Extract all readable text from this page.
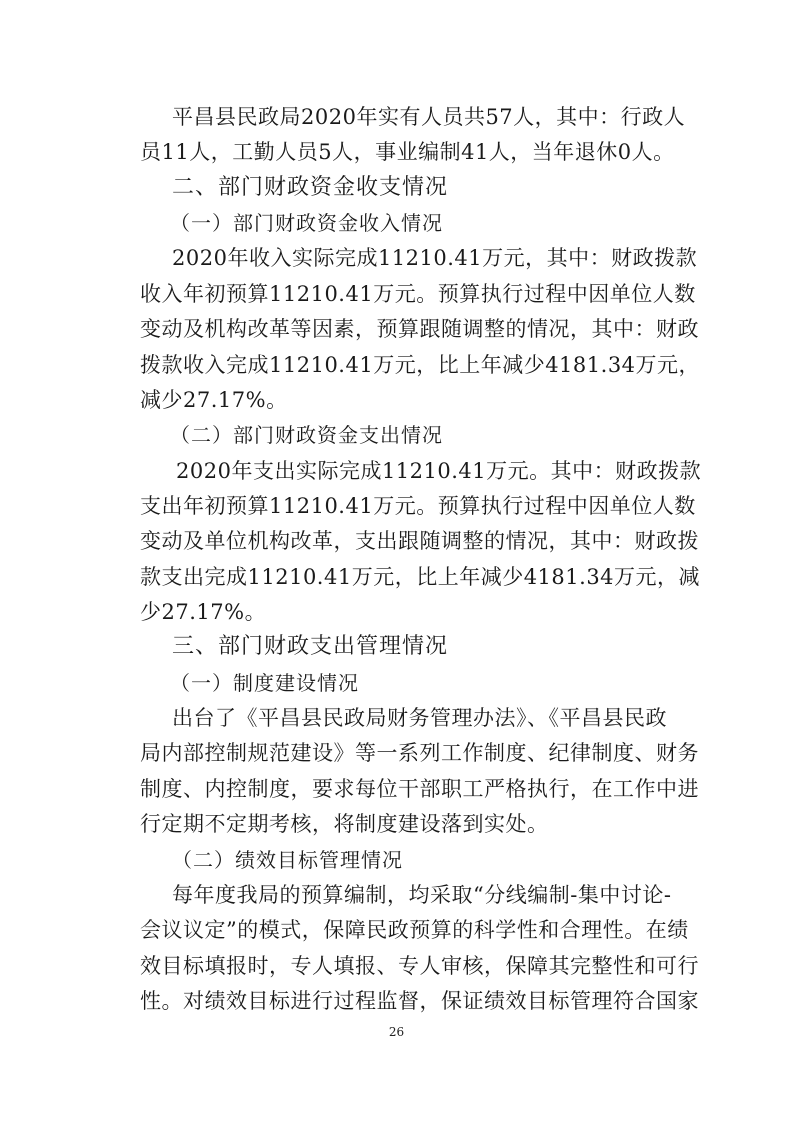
平昌县民政局2020年实有人员共57人，其中：行政人
员11人，工勤人员5人，事业编制41人，当年退休0人。
二、部门财政资金收支情况
（一）部门财政资金收入情况
2020年收入实际完成11210.41万元，其中：财政拨款
收入年初预算11210.41万元。预算执行过程中因单位人数
变动及机构改革等因素，预算跟随调整的情况，其中：财政
拨款收入完成11210.41万元，比上年减少4181.34万元，
减少27.17%。
（二）部门财政资金支出情况
2020年支出实际完成11210.41万元。其中：财政拨款
支出年初预算11210.41万元。预算执行过程中因单位人数
变动及单位机构改革，支出跟随调整的情况，其中：财政拨
款支出完成11210.41万元，比上年减少4181.34万元，减
少27.17%。
三、部门财政支出管理情况
（一）制度建设情况
出台了《平昌县民政局财务管理办法》、《平昌县民政
局内部控制规范建设》等一系列工作制度、纪律制度、财务
制度、内控制度，要求每位干部职工严格执行，在工作中进
行定期不定期考核，将制度建设落到实处。
（二）绩效目标管理情况
每年度我局的预算编制，均采取“分线编制-集中讨论-
会议议定”的模式，保障民政预算的科学性和合理性。在绩
效目标填报时，专人填报、专人审核，保障其完整性和可行
性。对绩效目标进行过程监督，保证绩效目标管理符合国家
26
